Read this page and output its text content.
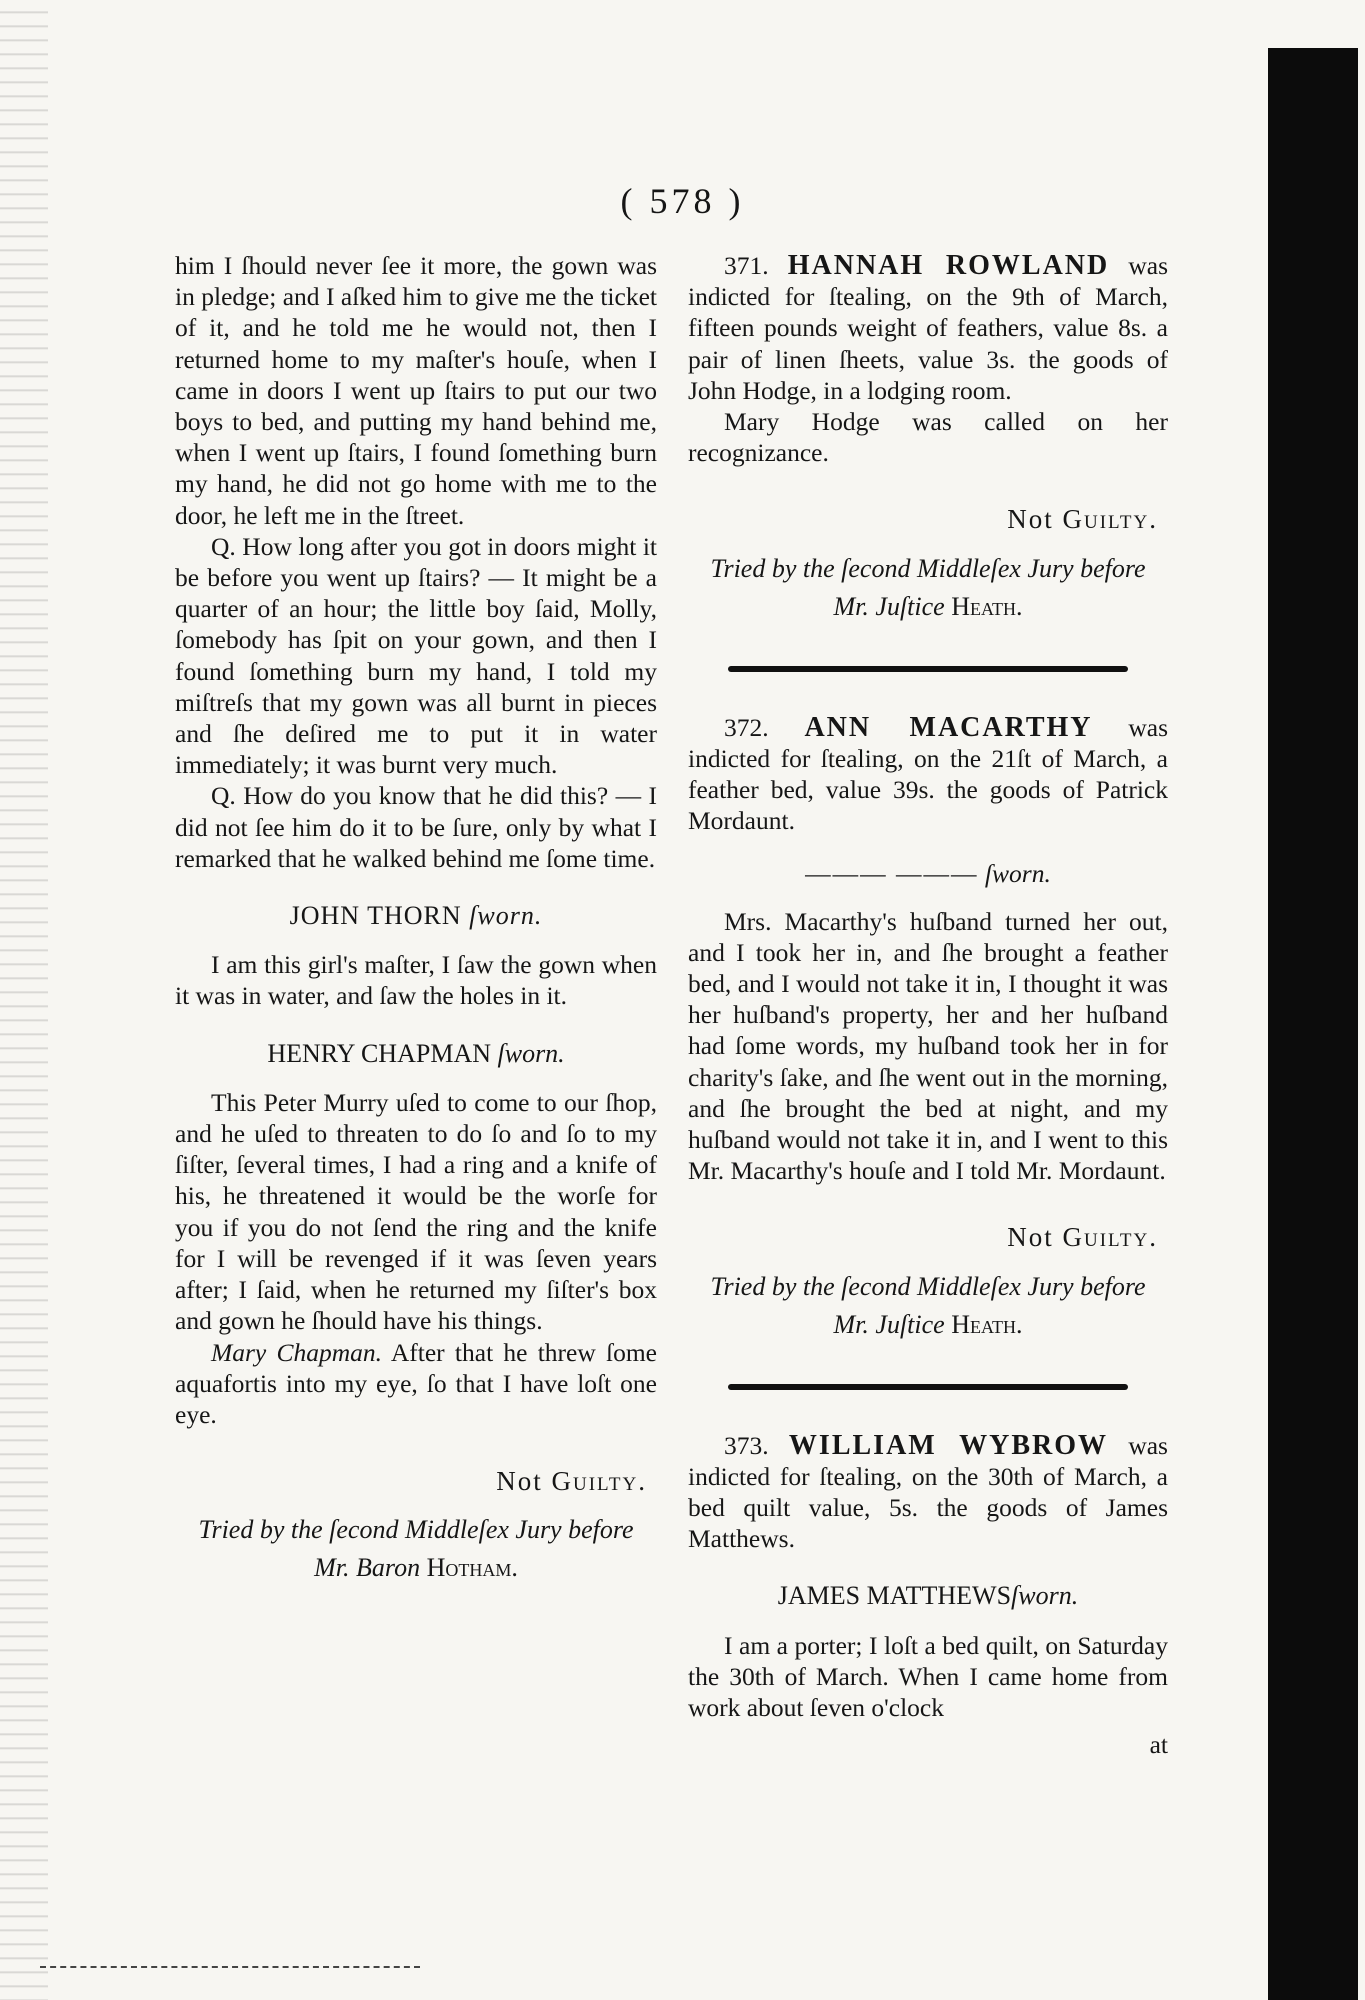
( 578 )

him I ſhould never ſee it more, the gown was in pledge; and I aſked him to give me the ticket of it, and he told me he would not, then I returned home to my maſter's houſe, when I came in doors I went up ſtairs to put our two boys to bed, and putting my hand behind me, when I went up ſtairs, I found ſomething burn my hand, he did not go home with me to the door, he left me in the ſtreet.

Q. How long after you got in doors might it be before you went up ſtairs? — It might be a quarter of an hour; the little boy ſaid, Molly, ſomebody has ſpit on your gown, and then I found ſomething burn my hand, I told my miſtreſs that my gown was all burnt in pieces and ſhe deſired me to put it in water immediately; it was burnt very much.

Q. How do you know that he did this? — I did not ſee him do it to be ſure, only by what I remarked that he walked behind me ſome time.

JOHN THORN ſworn.

I am this girl's maſter, I ſaw the gown when it was in water, and ſaw the holes in it.

HENRY CHAPMAN ſworn.

This Peter Murry uſed to come to our ſhop, and he uſed to threaten to do ſo and ſo to my ſiſter, ſeveral times, I had a ring and a knife of his, he threatened it would be the worſe for you if you do not ſend the ring and the knife for I will be revenged if it was ſeven years after; I ſaid, when he returned my ſiſter's box and gown he ſhould have his things.

Mary Chapman. After that he threw ſome aquafortis into my eye, ſo that I have loſt one eye.

Not Guilty.
Tried by the ſecond Middleſex Jury before
Mr. Baron Hotham.

371. HANNAH ROWLAND was indicted for ſtealing, on the 9th of March, fifteen pounds weight of feathers, value 8s. a pair of linen ſheets, value 3s. the goods of John Hodge, in a lodging room.

Mary Hodge was called on her recognizance.

Not Guilty.
Tried by the ſecond Middleſex Jury before
Mr. Juſtice Heath.

372. ANN MACARTHY was indicted for ſtealing, on the 21ſt of March, a feather bed, value 39s. the goods of Patrick Mordaunt.

——— ——— ſworn.

Mrs. Macarthy's huſband turned her out, and I took her in, and ſhe brought a feather bed, and I would not take it in, I thought it was her huſband's property, her and her huſband had ſome words, my huſband took her in for charity's ſake, and ſhe went out in the morning, and ſhe brought the bed at night, and my huſband would not take it in, and I went to this Mr. Macarthy's houſe and I told Mr. Mordaunt.

Not Guilty.
Tried by the ſecond Middleſex Jury before
Mr. Juſtice Heath.

373. WILLIAM WYBROW was indicted for ſtealing, on the 30th of March, a bed quilt value, 5s. the goods of James Matthews.

JAMES MATTHEWSſworn.

I am a porter; I loſt a bed quilt, on Saturday the 30th of March. When I came home from work about ſeven o'clock

at
